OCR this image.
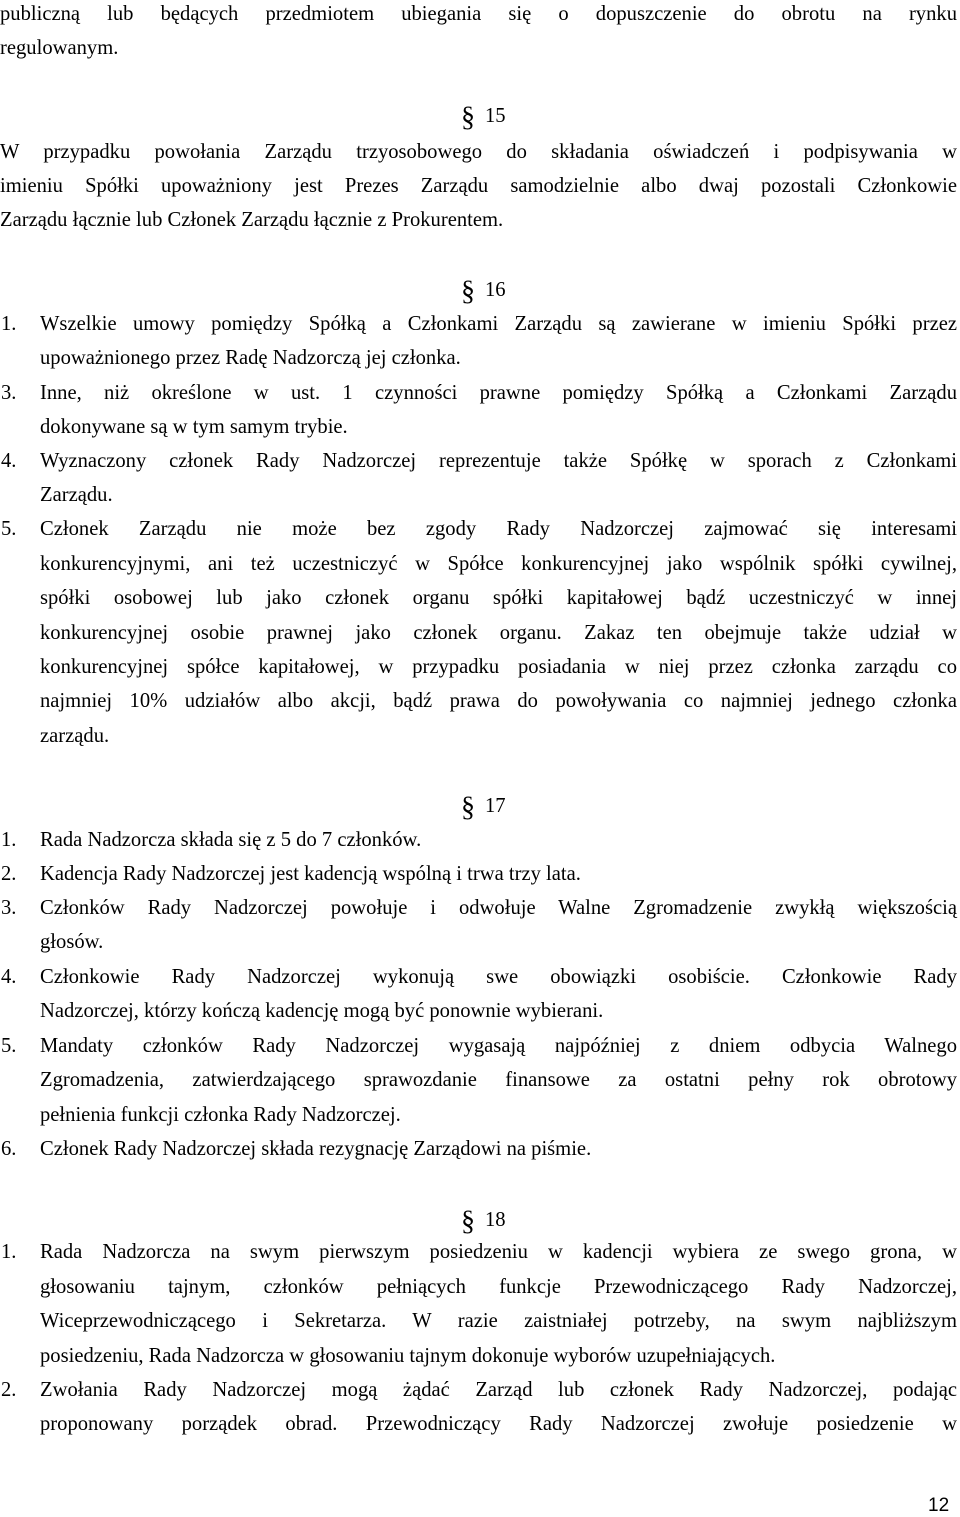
publiczną lub będących przedmiotem ubiegania się o dopuszczenie do obrotu na rynku
regulowanym.
§ 15
W przypadku powołania Zarządu trzyosobowego do składania oświadczeń i podpisywania w
imieniu Spółki upoważniony jest Prezes Zarządu samodzielnie albo dwaj pozostali Członkowie
Zarządu łącznie lub Członek Zarządu łącznie z Prokurentem.
§ 16
1. Wszelkie umowy pomiędzy Spółką a Członkami Zarządu są zawierane w imieniu Spółki przez
upoważnionego przez Radę Nadzorczą jej członka.
3. Inne, niż określone w ust. 1 czynności prawne pomiędzy Spółką a Członkami Zarządu
dokonywane są w tym samym trybie.
4. Wyznaczony członek Rady Nadzorczej reprezentuje także Spółkę w sporach z Członkami
Zarządu.
5. Członek Zarządu nie może bez zgody Rady Nadzorczej zajmować się interesami
konkurencyjnymi, ani też uczestniczyć w Spółce konkurencyjnej jako wspólnik spółki cywilnej,
spółki osobowej lub jako członek organu spółki kapitałowej bądź uczestniczyć w innej
konkurencyjnej osobie prawnej jako członek organu. Zakaz ten obejmuje także udział w
konkurencyjnej spółce kapitałowej, w przypadku posiadania w niej przez członka zarządu co
najmniej 10% udziałów albo akcji, bądź prawa do powoływania co najmniej jednego członka
zarządu.
§ 17
1. Rada Nadzorcza składa się z 5 do 7 członków.
2. Kadencja Rady Nadzorczej jest kadencją wspólną i trwa trzy lata.
3. Członków Rady Nadzorczej powołuje i odwołuje Walne Zgromadzenie zwykłą większością
głosów.
4. Członkowie Rady Nadzorczej wykonują swe obowiązki osobiście. Członkowie Rady
Nadzorczej, którzy kończą kadencję mogą być ponownie wybierani.
5. Mandaty członków Rady Nadzorczej wygasają najpóźniej z dniem odbycia Walnego
Zgromadzenia, zatwierdzającego sprawozdanie finansowe za ostatni pełny rok obrotowy
pełnienia funkcji członka Rady Nadzorczej.
6. Członek Rady Nadzorczej składa rezygnację Zarządowi na piśmie.
§ 18
1. Rada Nadzorcza na swym pierwszym posiedzeniu w kadencji wybiera ze swego grona, w
głosowaniu tajnym, członków pełniących funkcje Przewodniczącego Rady Nadzorczej,
Wiceprzewodniczącego i Sekretarza. W razie zaistniałej potrzeby, na swym najbliższym
posiedzeniu, Rada Nadzorcza w głosowaniu tajnym dokonuje wyborów uzupełniających.
2. Zwołania Rady Nadzorczej mogą żądać Zarząd lub członek Rady Nadzorczej, podając
proponowany porządek obrad. Przewodniczący Rady Nadzorczej zwołuje posiedzenie w
12
